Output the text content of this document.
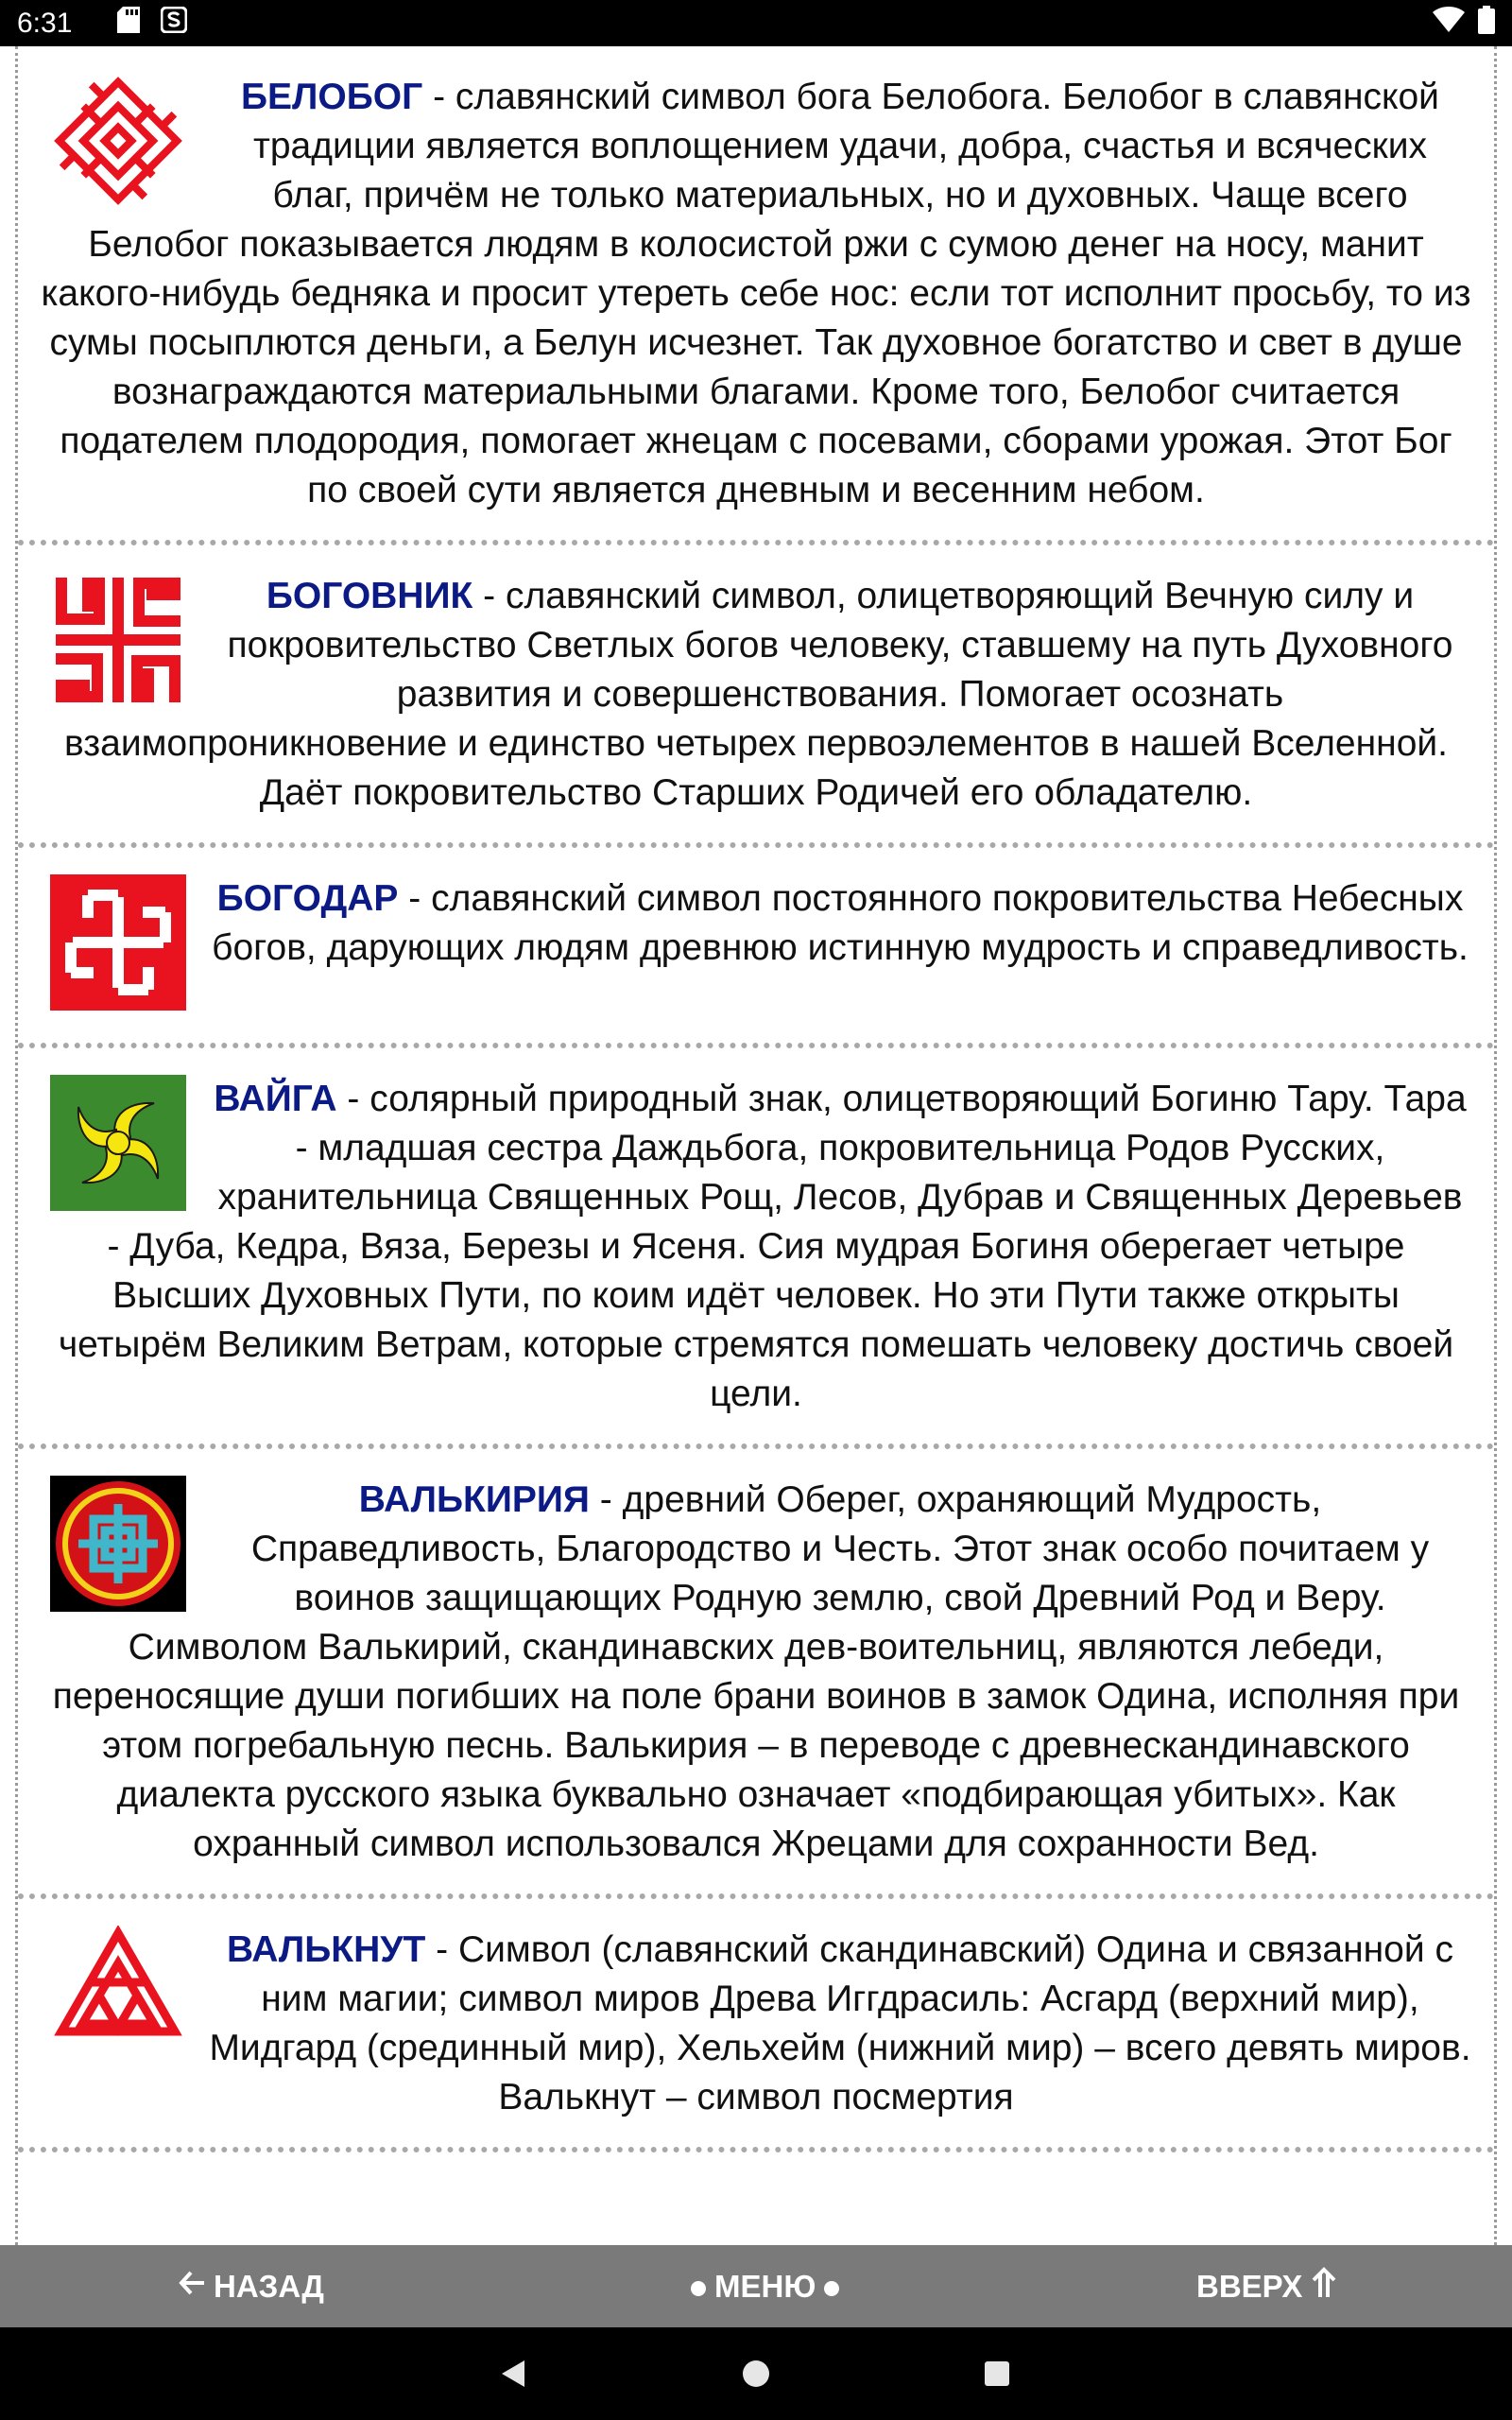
6:31
БЕЛОБОГ - славянский символ бога Белобога. Белобог в славянской традиции является воплощением удачи, добра, счастья и всяческих благ, причём не только материальных, но и духовных. Чаще всего Белобог показывается людям в колосистой ржи с сумою денег на носу, манит какого-нибудь бедняка и просит утереть себе нос: если тот исполнит просьбу, то из сумы посыплются деньги, а Белун исчезнет. Так духовное богатство и свет в душе вознаграждаются материальными благами. Кроме того, Белобог считается подателем плодородия, помогает жнецам с посевами, сборами урожая. Этот Бог по своей сути является дневным и весенним небом.
БОГОВНИК - славянский символ, олицетворяющий Вечную силу и покровительство Светлых богов человеку, ставшему на путь Духовного развития и совершенствования. Помогает осознать взаимопроникновение и единство четырех первоэлементов в нашей Вселенной. Даёт покровительство Старших Родичей его обладателю.
БОГОДАР - славянский символ постоянного покровительства Небесных богов, дарующих людям древнюю истинную мудрость и справедливость.
ВАЙГА - солярный природный знак, олицетворяющий Богиню Тару. Тара - младшая сестра Даждьбога, покровительница Родов Русских, хранительница Священных Рощ, Лесов, Дубрав и Священных Деревьев - Дуба, Кедра, Вяза, Березы и Ясеня. Сия мудрая Богиня оберегает четыре Высших Духовных Пути, по коим идёт человек. Но эти Пути также открыты четырём Великим Ветрам, которые стремятся помешать человеку достичь своей цели.
ВАЛЬКИРИЯ - древний Оберег, охраняющий Мудрость, Справедливость, Благородство и Честь. Этот знак особо почитаем у воинов защищающих Родную землю, свой Древний Род и Веру. Символом Валькирий, скандинавских дев-воительниц, являются лебеди, переносящие души погибших на поле брани воинов в замок Одина, исполняя при этом погребальную песнь. Валькирия – в переводе с древнескандинавского диалекта русского языка буквально означает «подбирающая убитых». Как охранный символ использовался Жрецами для сохранности Вед.
ВАЛЬКНУТ - Символ (славянский скандинавский) Одина и связанной с ним магии; символ миров Древа Иггдрасиль: Асгард (верхний мир), Мидгард (срединный мир), Хельхейм (нижний мир) – всего девять миров. Валькнут – символ посмертия
НАЗАД	МЕНЮ	ВВЕРХ
